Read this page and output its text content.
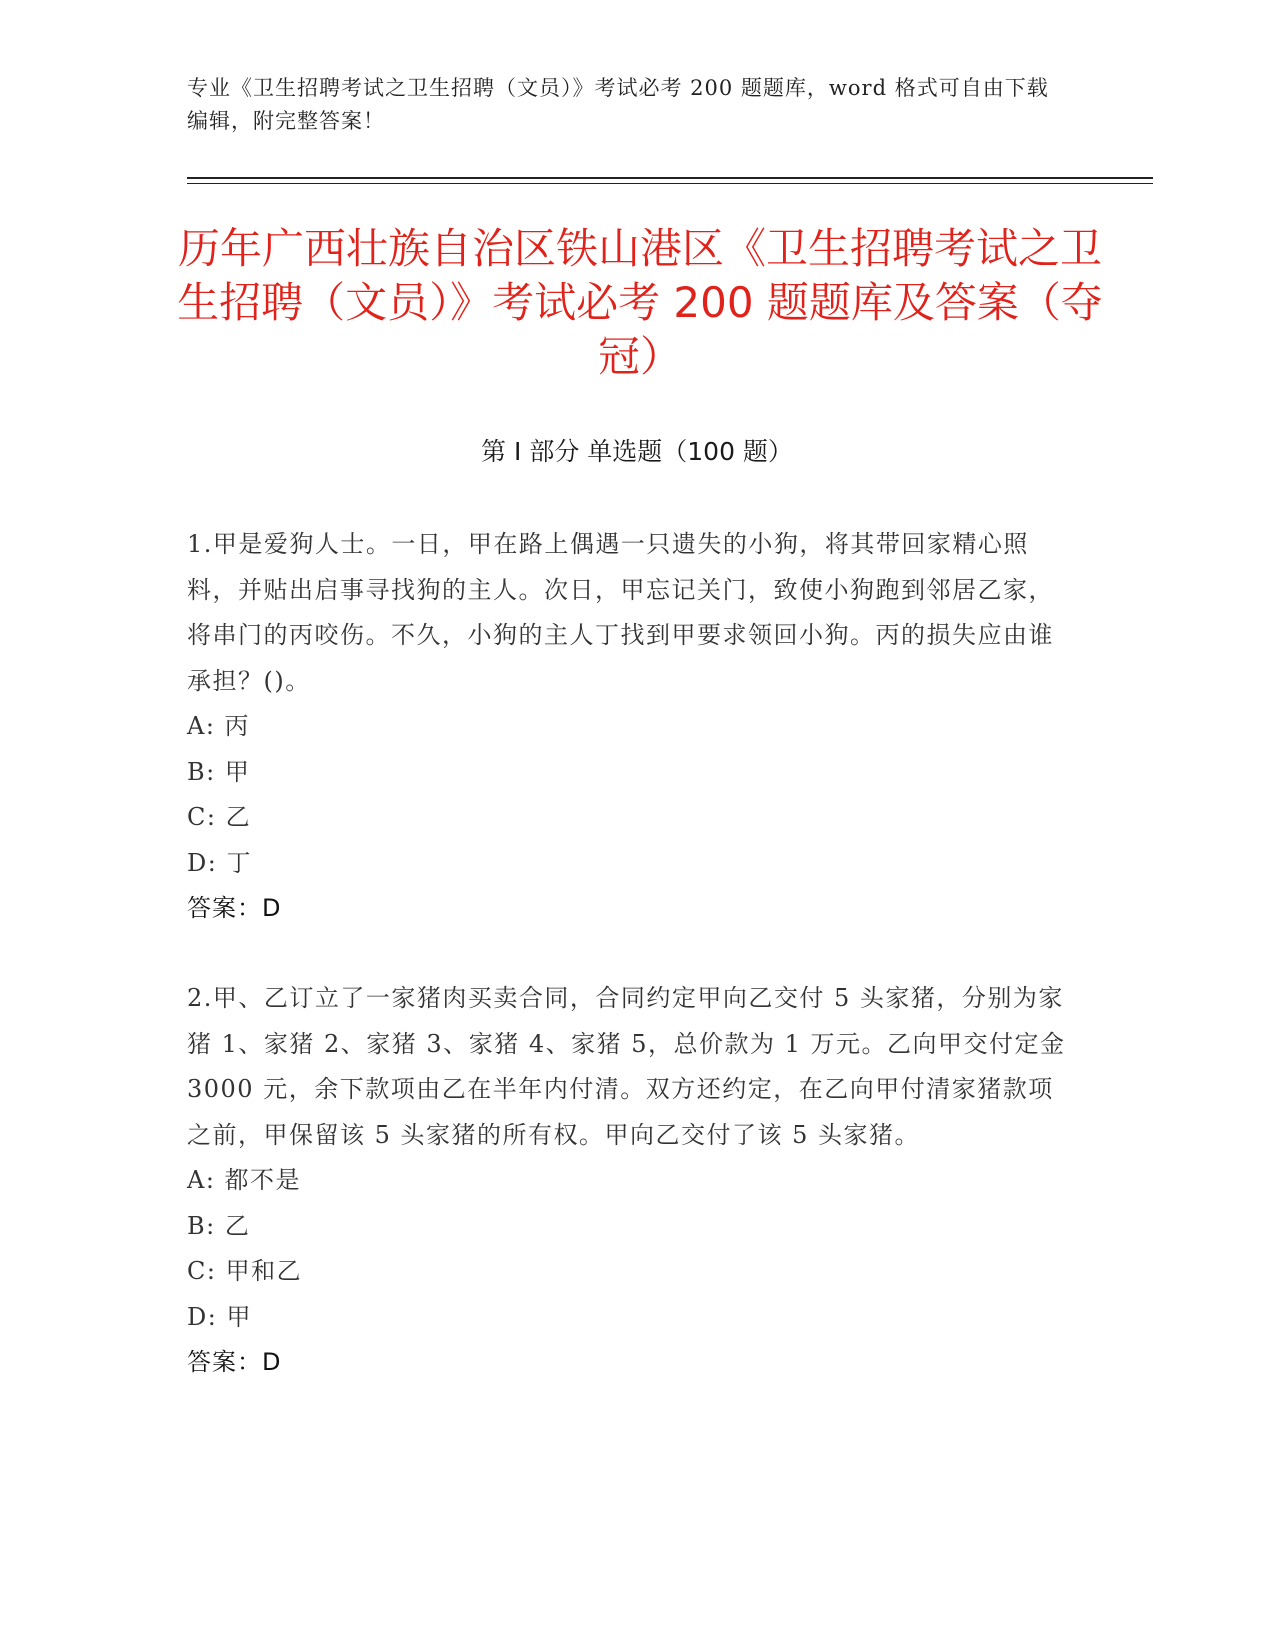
专业《卫生招聘考试之卫生招聘（文员）》考试必考 200 题题库，word 格式可自由下载编辑，附完整答案！
历年广西壮族自治区铁山港区《卫生招聘考试之卫生招聘（文员）》考试必考 200 题题库及答案（夺冠）
第 I 部分 单选题（100 题）

1.甲是爱狗人士。一日，甲在路上偶遇一只遗失的小狗，将其带回家精心照料，并贴出启事寻找狗的主人。次日，甲忘记关门，致使小狗跑到邻居乙家，将串门的丙咬伤。不久，小狗的主人丁找到甲要求领回小狗。丙的损失应由谁承担？()。

A: 丙

B: 甲

C: 乙

D: 丁

答案：D

2.甲、乙订立了一家猪肉买卖合同，合同约定甲向乙交付 5 头家猪，分别为家猪 1、家猪 2、家猪 3、家猪 4、家猪 5，总价款为 1 万元。乙向甲交付定金 3000 元，余下款项由乙在半年内付清。双方还约定，在乙向甲付清家猪款项之前，甲保留该 5 头家猪的所有权。甲向乙交付了该 5 头家猪。

A: 都不是

B: 乙

C: 甲和乙

D: 甲

答案：D
